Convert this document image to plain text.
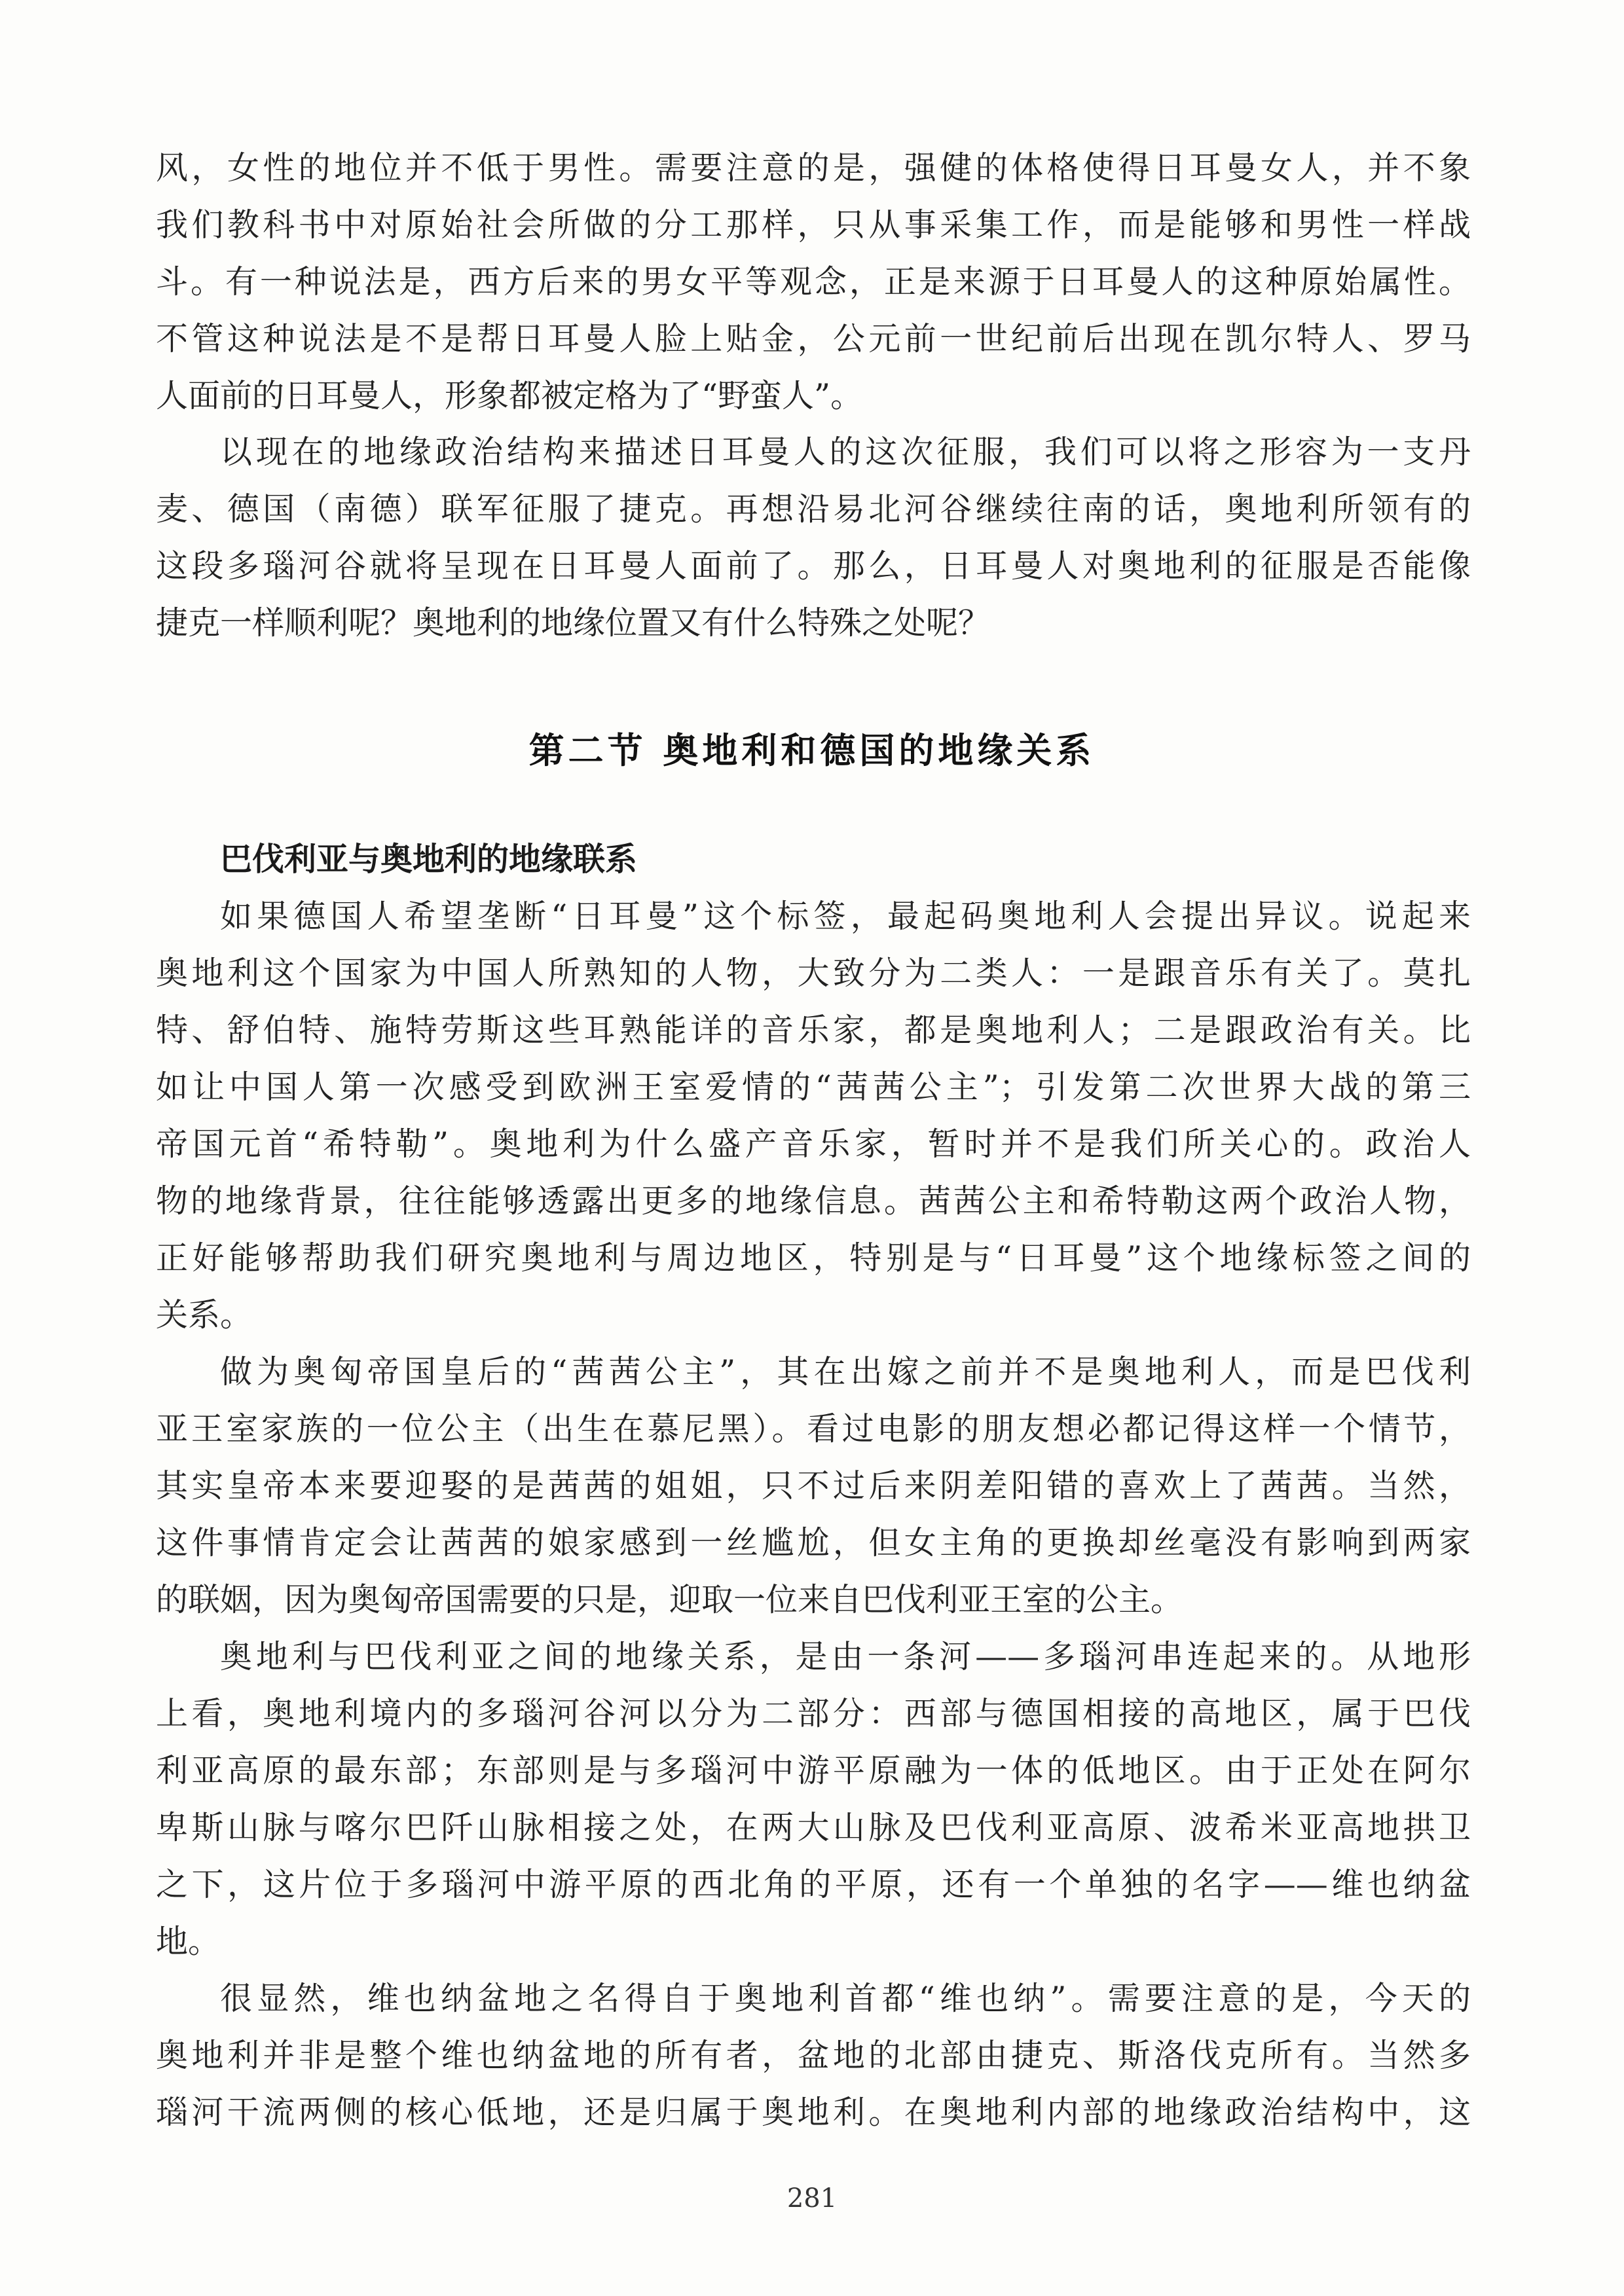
风，女性的地位并不低于男性。需要注意的是，强健的体格使得日耳曼女人，并不象
我们教科书中对原始社会所做的分工那样，只从事采集工作，而是能够和男性一样战
斗。有一种说法是，西方后来的男女平等观念，正是来源于日耳曼人的这种原始属性。
不管这种说法是不是帮日耳曼人脸上贴金，公元前一世纪前后出现在凯尔特人、罗马
人面前的日耳曼人，形象都被定格为了“野蛮人”。
以现在的地缘政治结构来描述日耳曼人的这次征服，我们可以将之形容为一支丹
麦、德国（南德）联军征服了捷克。再想沿易北河谷继续往南的话，奥地利所领有的
这段多瑙河谷就将呈现在日耳曼人面前了。那么，日耳曼人对奥地利的征服是否能像
捷克一样顺利呢？奥地利的地缘位置又有什么特殊之处呢？
第二节 奥地利和德国的地缘关系
巴伐利亚与奥地利的地缘联系
如果德国人希望垄断“日耳曼”这个标签，最起码奥地利人会提出异议。说起来
奥地利这个国家为中国人所熟知的人物，大致分为二类人：一是跟音乐有关了。莫扎
特、舒伯特、施特劳斯这些耳熟能详的音乐家，都是奥地利人；二是跟政治有关。比
如让中国人第一次感受到欧洲王室爱情的“茜茜公主”；引发第二次世界大战的第三
帝国元首“希特勒”。奥地利为什么盛产音乐家，暂时并不是我们所关心的。政治人
物的地缘背景，往往能够透露出更多的地缘信息。茜茜公主和希特勒这两个政治人物，
正好能够帮助我们研究奥地利与周边地区，特别是与“日耳曼”这个地缘标签之间的
关系。
做为奥匈帝国皇后的“茜茜公主”，其在出嫁之前并不是奥地利人，而是巴伐利
亚王室家族的一位公主（出生在慕尼黑）。看过电影的朋友想必都记得这样一个情节，
其实皇帝本来要迎娶的是茜茜的姐姐，只不过后来阴差阳错的喜欢上了茜茜。当然，
这件事情肯定会让茜茜的娘家感到一丝尴尬，但女主角的更换却丝毫没有影响到两家
的联姻，因为奥匈帝国需要的只是，迎取一位来自巴伐利亚王室的公主。
奥地利与巴伐利亚之间的地缘关系，是由一条河——多瑙河串连起来的。从地形
上看，奥地利境内的多瑙河谷河以分为二部分：西部与德国相接的高地区，属于巴伐
利亚高原的最东部；东部则是与多瑙河中游平原融为一体的低地区。由于正处在阿尔
卑斯山脉与喀尔巴阡山脉相接之处，在两大山脉及巴伐利亚高原、波希米亚高地拱卫
之下，这片位于多瑙河中游平原的西北角的平原，还有一个单独的名字——维也纳盆
地。
很显然，维也纳盆地之名得自于奥地利首都“维也纳”。需要注意的是，今天的
奥地利并非是整个维也纳盆地的所有者，盆地的北部由捷克、斯洛伐克所有。当然多
瑙河干流两侧的核心低地，还是归属于奥地利。在奥地利内部的地缘政治结构中，这
281
